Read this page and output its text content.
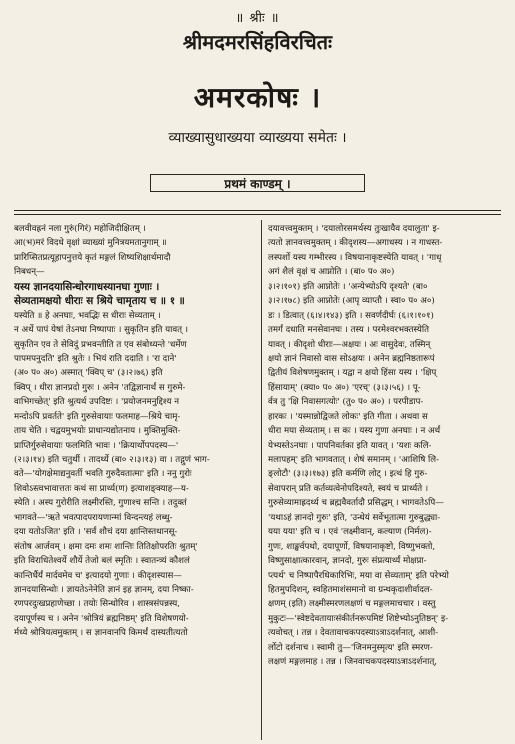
॥ श्रीः ॥
श्रीमदमरसिंहविरचितः
अमरकोषः ।
व्याख्यासुधाख्यया व्याख्यया समेतः ।
प्रथमं काण्डम् ।
बलवीवह्रनं नला गुरुं(गिरं) महोजिदीक्षितम् ।
आ(भ)मरं विदधे वृक्षां व्याख्यां मुनित्रयमतानुगाम् ॥
प्रारिप्सितप्रत्यूहापनुत्तये कृतं मङ्गलं शिष्यशिक्षार्थमादौ
निबधन्—
यस्य ज्ञानदयासिन्धोरगाधस्यानघा गुणाः ।
सेव्यतामक्षयो धीराः स श्रिये चामृताय च ॥ १ ॥
यस्येति ॥ हे अनघाः, भवद्भिः स धीराः सेव्यताम् ।
न अर्थे पापं येषां तेऽनघा निष्पापाः । सुकृतिन इति यावत् ।
सुकृतिन एव ते सेविदुं प्रभवन्तीति त एव संबोध्यन्ते 'धर्मेण
पापमपनुदति' इति श्रुतेः । भियं राति ददाति । 'रा दाने'
(अ० प० अ०) अस्मात् 'क्विप् च' (३।२।७६) इति
क्विप् । धीरा ज्ञानप्रदो गुरुः । अनेन 'तद्विज्ञानार्थं स गुरुमे-
वाभिगच्छेत्' इति श्रुत्यर्थ उपदिष्टः । 'प्रयोजनमनुद्दिश्य न
मन्दोऽपि प्रवर्तते' इति गुरुसेवायाः फलमाह—श्रिये चामृ-
ताय चेति । चद्वयमुभयोः प्राधान्यद्योतनाय । मुक्तिमुक्ति-
प्राप्तिर्गुरुसेवायाः फलमिति भावः । 'क्रियार्थोपपदस्य—'
(२।३।१४) इति चतुर्थी । तादर्थ्ये (बा० २।३।१३) वा । तद्गुणं भाग-
वते—'योगक्षेमाद्यनुवर्ती भवति गुरुदैवतात्मा' इति । ननु गुरोः
शिवोऽस्त्वभावात्ततः कथं सा प्रार्थ्य(ण) इत्याशङ्क्याह—य-
स्येति । अस्य गुरोरीति लक्ष्मीरस्ति, गुणाश्च सन्ति । तदुक्तं
भागवते—'ऋते भवत्पादपरायणान्मां विन्दन्त्यहं लब्धु-
दया यतोऽजित' इति । 'सर्वं शौचं दया क्षान्तिस्तथानसू-
संतोष आर्जवम् । क्षमा दमः शमः शान्तिः तितिक्षोपरतिः श्रुतम्'
इति विराधितेश्वर्ये शौर्ये तेजो बलं स्मृतिः । स्वातन्त्र्यं कौशलं
कान्तिर्धैर्यं मार्दवमेव च' इत्यादयो गुणाः । कीदृशस्यास—
ज्ञानदयासिन्धोः । ज्ञायतेऽनेनेति ज्ञानं इह ज्ञानम्, दया निष्का-
रणपरदुःखप्रहाणेच्छा । तयोः सिन्धोरिव । शास्त्रसंपन्नस्य,
दयापूर्णस्य च । अनेन 'श्रोत्रियं ब्रह्मनिष्ठम्' इति विशेषणयो-
र्मध्ये श्रोत्रियत्वमुक्तम् । स ज्ञानवानपि किमर्थं दास्यतीत्यतो
दयावत्त्वमुक्तम् । 'दयालोरसमर्थस्य तुःखायैव दयालुता' इ-
त्यतो ज्ञानवत्त्वमुक्तम् । कीदृशस्य—अगाधस्य । न गाधस्त-
लस्पर्शो यस्य गम्भीरस्य । विषयानाकृष्टस्येति यावत् । 'गाधृ
अगं शैलं वृक्षं च आप्नोति । (बा० प० अ०)
३।२।१०१) इति आप्नोतेः । 'अन्येभ्योऽपि दृश्यते' (बा०
३।२।१७८) इति आप्नोतेः (आपृ व्याप्तौ । स्वा० प० अ०)
डः । डित्वात् (६।४।१४३) इति । सवर्णदीर्घः (६।१।१०१)
तमर्गं दधाति मनसेवानघः । तस्य । परमेश्वरभक्तस्येति
यावत् । कीदृशो धीराः—अक्षयः । अः वासुदेवः, तस्मिन्
क्षयो ज्ञानं निवासो वास सोऽक्षयः । अनेन ब्रह्मनिष्ठतारूपं
द्वितीयं विशेषणमुक्तम् । यद्वा न क्षयो हिंसा यस्य । 'क्षिप्
हिंसायाम्' (क्या० प० अ०) 'एरच्' (३।३।५६) । पू-
र्वत्र तु 'क्षि निवासगत्योः' (तु० प० अ०) । परपीडाप-
हारकः । 'यस्मान्नोद्विजते लोकः' इति गीता । अथवा स
धीरा मया सेव्यताम् । स कः । यस्य गुणा अनघाः । न अर्थं
येभ्यस्तेऽनघाः । पापनिवर्तका इति यावत् । 'यशः कलि-
मलापहम्' इति भागवतात् । शेषं समानम् । 'आशिषि लि-
ङ्लोटौ' (३।३।१७३) इति कर्मणि लोट् । इत्थं हि गुरु-
सेवापरान् प्रति कर्तव्यत्वेनोपदिश्यते, स्वयं च प्रार्थ्यते ।
गुरुसेव्यामाह्रदर्थ्य च ब्रह्मवैवर्तादौ प्रसिद्धम् । भागवतेऽपि—
'यथाऽहं ज्ञानदो गुरुः' इति, 'उन्धेयं सर्वेभूतात्मा गुरुबुद्ध्या-
यया यया' इति च । एवं 'लक्ष्मीवान्, कल्याण (निर्मल)-
गुणः, शाङ्खर्वपथो, दयापूर्णो, विषयानाकृष्टो, विष्णुभक्तो,
विष्णुसाक्षात्कारवान्, ज्ञानदो, गुरुः संप्रत्यार्थ्यं मोक्षप्रा-
प्त्यर्थ' च निष्पापैरधिकारिभिः, मया वा सेव्यताम्' इति परेभ्यो
हितमुपदिशन्, स्वहितमाशंसमानो वा ग्रन्थकृदाशीर्वादल-
क्षणम् (इति) लक्ष्मीस्मरणलक्षणं च मङ्गलमाचचार । वस्तु
मुकुटः—'स्वेष्टदेवतायाःसंकीर्तनरूपमिष्टं शिष्टेभ्योऽनुतिष्ठन्' इ-
त्यवोचत् । तन्न । देवतावाचकपदस्याऽत्राऽदर्शनात्, आशी-
र्लोटो दर्शनाच । स्वामी तु—'जिनमनुस्मृत्य' इति स्मरण-
लक्षणं मङ्गलमाह । तन्न । जिनवाचकपदस्याऽत्राऽदर्शनात्,
